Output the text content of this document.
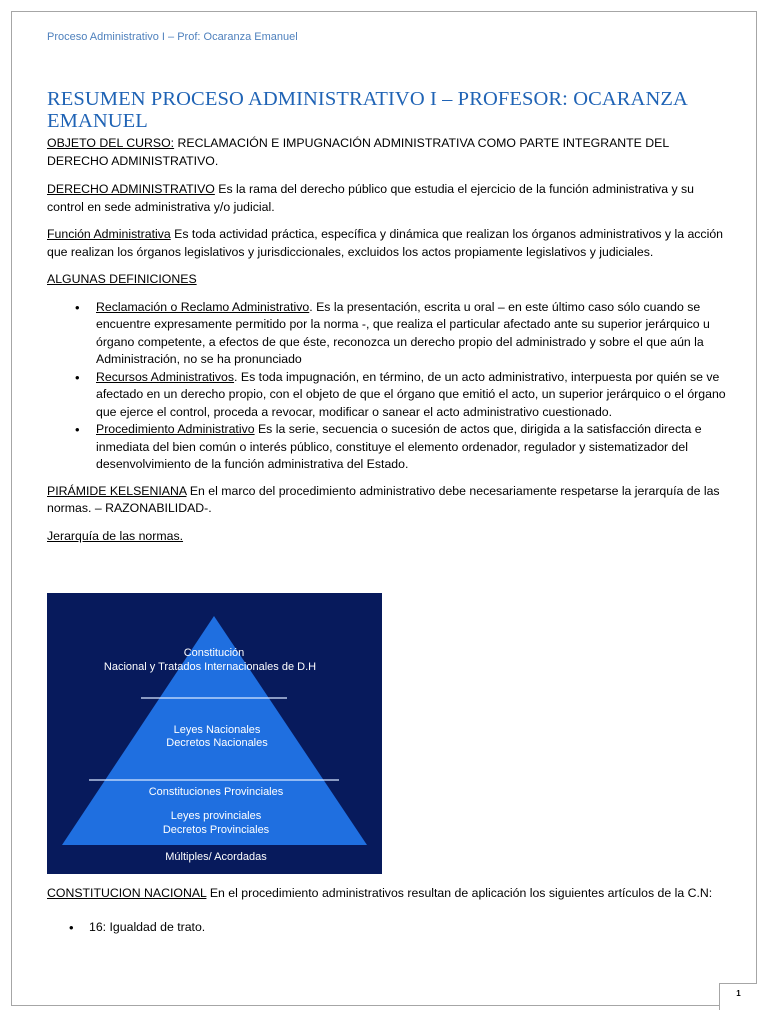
Proceso Administrativo I – Prof: Ocaranza Emanuel
RESUMEN PROCESO ADMINISTRATIVO I – PROFESOR: OCARANZA EMANUEL

OBJETO DEL CURSO: RECLAMACIÓN E IMPUGNACIÓN ADMINISTRATIVA COMO PARTE INTEGRANTE DEL DERECHO ADMINISTRATIVO.

DERECHO ADMINISTRATIVO Es la rama del derecho público que estudia el ejercicio de la función administrativa y su control en sede administrativa y/o judicial.

Función Administrativa Es toda actividad práctica, específica y dinámica que realizan los órganos administrativos y la acción que realizan los órganos legislativos y jurisdiccionales, excluidos los actos propiamente legislativos y judiciales.

ALGUNAS DEFINICIONES

• Reclamación o Reclamo Administrativo. Es la presentación, escrita u oral – en este último caso sólo cuando se encuentre expresamente permitido por la norma -, que realiza el particular afectado ante su superior jerárquico u órgano competente, a efectos de que éste, reconozca un derecho propio del administrado y sobre el que aún la Administración, no se ha pronunciado
• Recursos Administrativos. Es toda impugnación, en término, de un acto administrativo, interpuesta por quién se ve afectado en un derecho propio, con el objeto de que el órgano que emitió el acto, un superior jerárquico o el órgano que ejerce el control, proceda a revocar, modificar o sanear el acto administrativo cuestionado.
• Procedimiento Administrativo Es la serie, secuencia o sucesión de actos que, dirigida a la satisfacción directa e inmediata del bien común o interés público, constituye el elemento ordenador, regulador y sistematizador del desenvolvimiento de la función administrativa del Estado.

PIRÁMIDE KELSENIANA En el marco del procedimiento administrativo debe necesariamente respetarse la jerarquía de las normas. – RAZONABILIDAD-.

Jerarquía de las normas.

Constitución
Nacional y Tratados Internacionales de D.H
Leyes Nacionales
Decretos Nacionales
Constituciones Provinciales
Leyes provinciales
Decretos Provinciales
Múltiples/ Acordadas

CONSTITUCION NACIONAL En el procedimiento administrativos resultan de aplicación los siguientes artículos de la C.N:

• 16: Igualdad de trato.
1
